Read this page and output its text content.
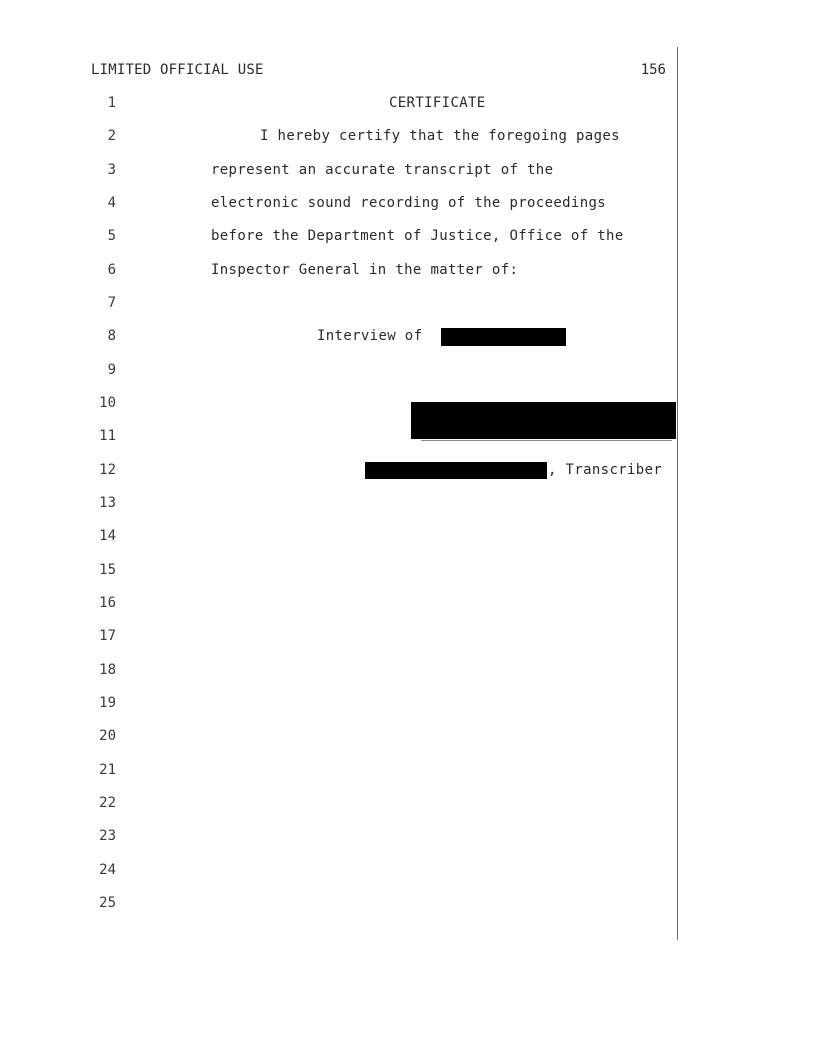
LIMITED OFFICIAL USE	156
1
2
3
4
5
6
7
8
9
10
11
12
13
14
15
16
17
18
19
20
21
22
23
24
25
CERTIFICATE
I hereby certify that the foregoing pages
represent an accurate transcript of the
electronic sound recording of the proceedings
before the Department of Justice, Office of the
Inspector General in the matter of:
Interview of
, Transcriber
